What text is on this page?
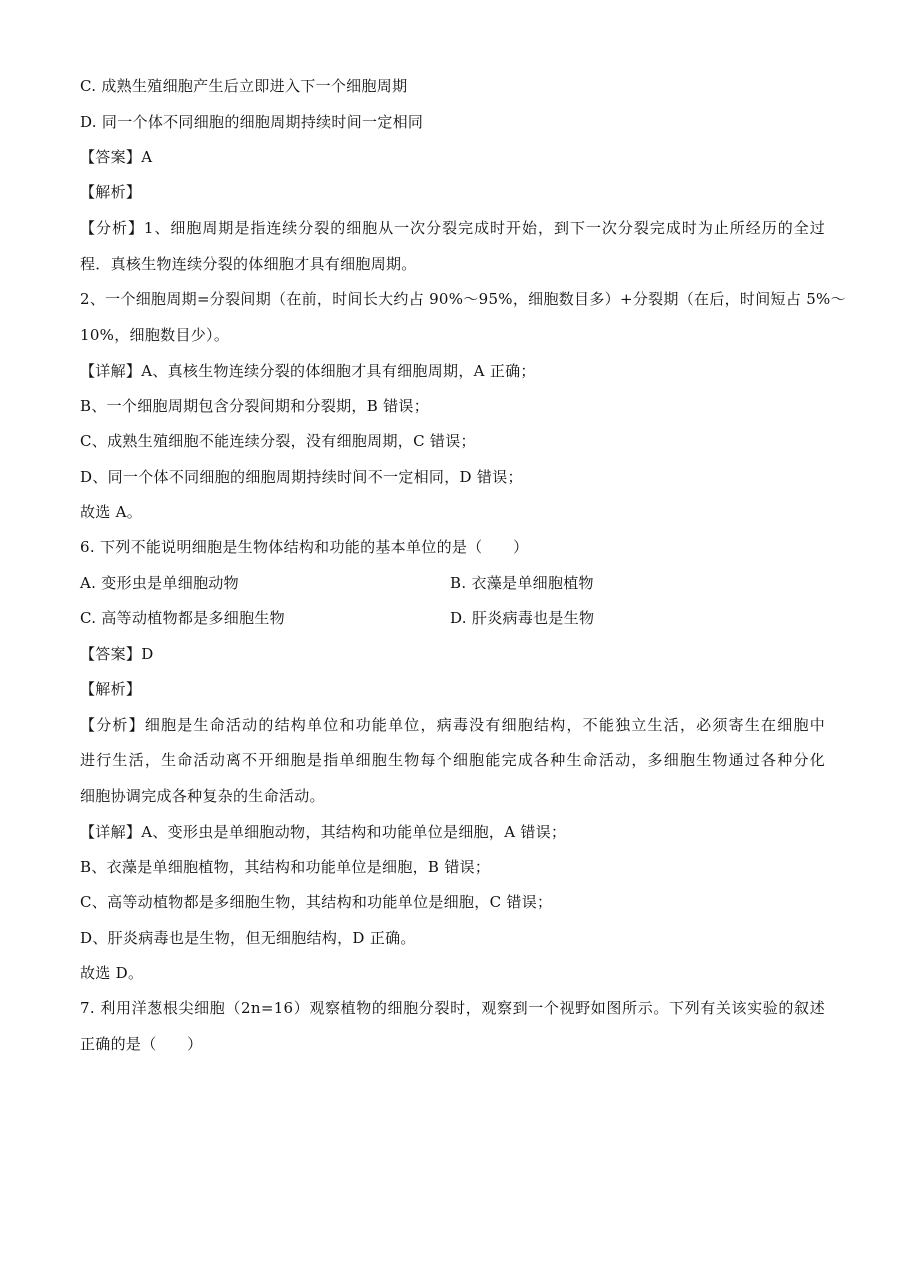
C. 成熟生殖细胞产生后立即进入下一个细胞周期
D. 同一个体不同细胞的细胞周期持续时间一定相同
【答案】A
【解析】
【分析】1、细胞周期是指连续分裂的细胞从一次分裂完成时开始，到下一次分裂完成时为止所经历的全过
程．真核生物连续分裂的体细胞才具有细胞周期。
2、一个细胞周期=分裂间期（在前，时间长大约占 90%～95%，细胞数目多）+分裂期（在后，时间短占 5%～
10%，细胞数目少）。
【详解】A、真核生物连续分裂的体细胞才具有细胞周期，A 正确；
B、一个细胞周期包含分裂间期和分裂期，B 错误；
C、成熟生殖细胞不能连续分裂，没有细胞周期，C 错误；
D、同一个体不同细胞的细胞周期持续时间不一定相同，D 错误；
故选 A。
6. 下列不能说明细胞是生物体结构和功能的基本单位的是（　　）
A. 变形虫是单细胞动物	B. 衣藻是单细胞植物
C. 高等动植物都是多细胞生物	D. 肝炎病毒也是生物
【答案】D
【解析】
【分析】细胞是生命活动的结构单位和功能单位，病毒没有细胞结构，不能独立生活，必须寄生在细胞中
进行生活，生命活动离不开细胞是指单细胞生物每个细胞能完成各种生命活动，多细胞生物通过各种分化
细胞协调完成各种复杂的生命活动。
【详解】A、变形虫是单细胞动物，其结构和功能单位是细胞，A 错误；
B、衣藻是单细胞植物，其结构和功能单位是细胞，B 错误；
C、高等动植物都是多细胞生物，其结构和功能单位是细胞，C 错误；
D、肝炎病毒也是生物，但无细胞结构，D 正确。
故选 D。
7. 利用洋葱根尖细胞（2n=16）观察植物的细胞分裂时，观察到一个视野如图所示。下列有关该实验的叙述
正确的是（　　）
